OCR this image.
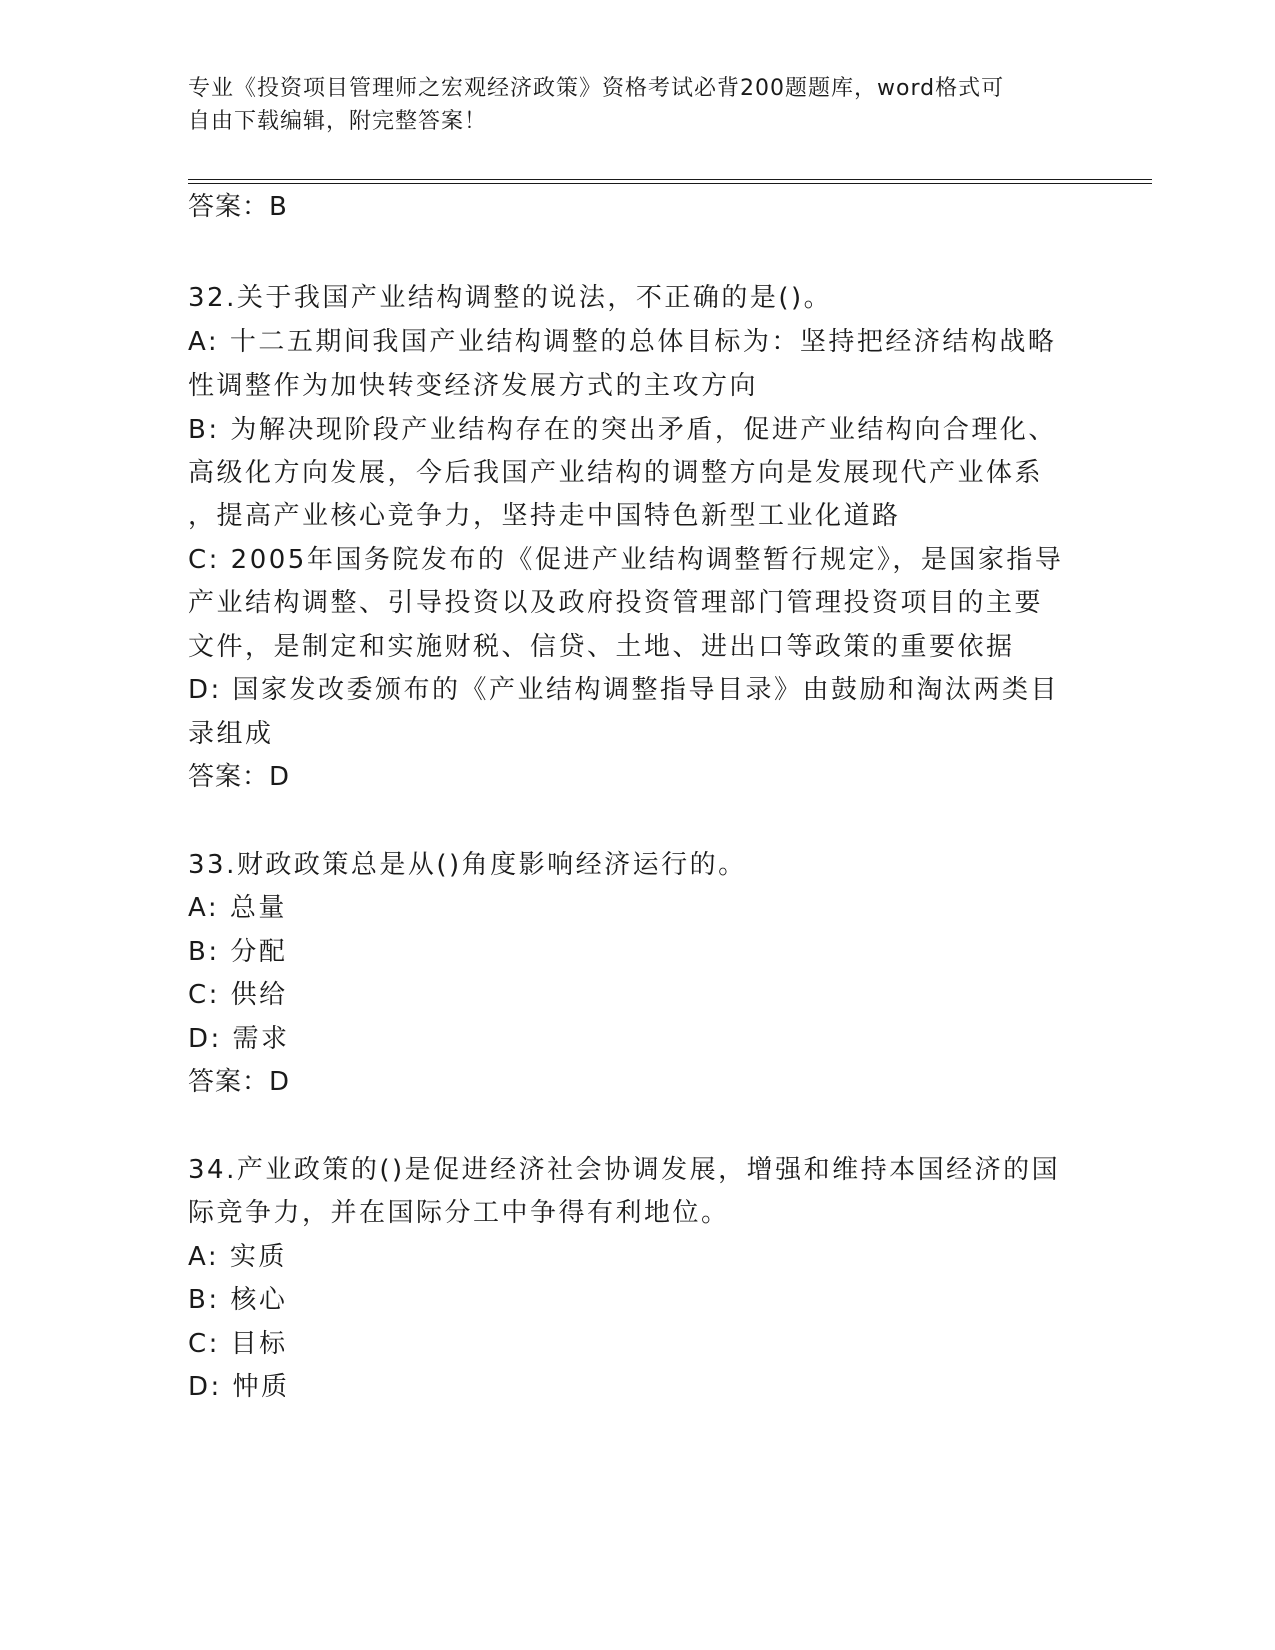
专业《投资项目管理师之宏观经济政策》资格考试必背200题题库，word格式可
自由下载编辑，附完整答案！
答案：B
32.关于我国产业结构调整的说法，不正确的是()。
A: 十二五期间我国产业结构调整的总体目标为：坚持把经济结构战略
性调整作为加快转变经济发展方式的主攻方向
B: 为解决现阶段产业结构存在的突出矛盾，促进产业结构向合理化、
高级化方向发展，今后我国产业结构的调整方向是发展现代产业体系
，提高产业核心竞争力，坚持走中国特色新型工业化道路
C: 2005年国务院发布的《促进产业结构调整暂行规定》，是国家指导
产业结构调整、引导投资以及政府投资管理部门管理投资项目的主要
文件，是制定和实施财税、信贷、土地、进出口等政策的重要依据
D: 国家发改委颁布的《产业结构调整指导目录》由鼓励和淘汰两类目
录组成
答案：D
33.财政政策总是从()角度影响经济运行的。
A: 总量
B: 分配
C: 供给
D: 需求
答案：D
34.产业政策的()是促进经济社会协调发展，增强和维持本国经济的国
际竞争力，并在国际分工中争得有利地位。
A: 实质
B: 核心
C: 目标
D: 忡质
